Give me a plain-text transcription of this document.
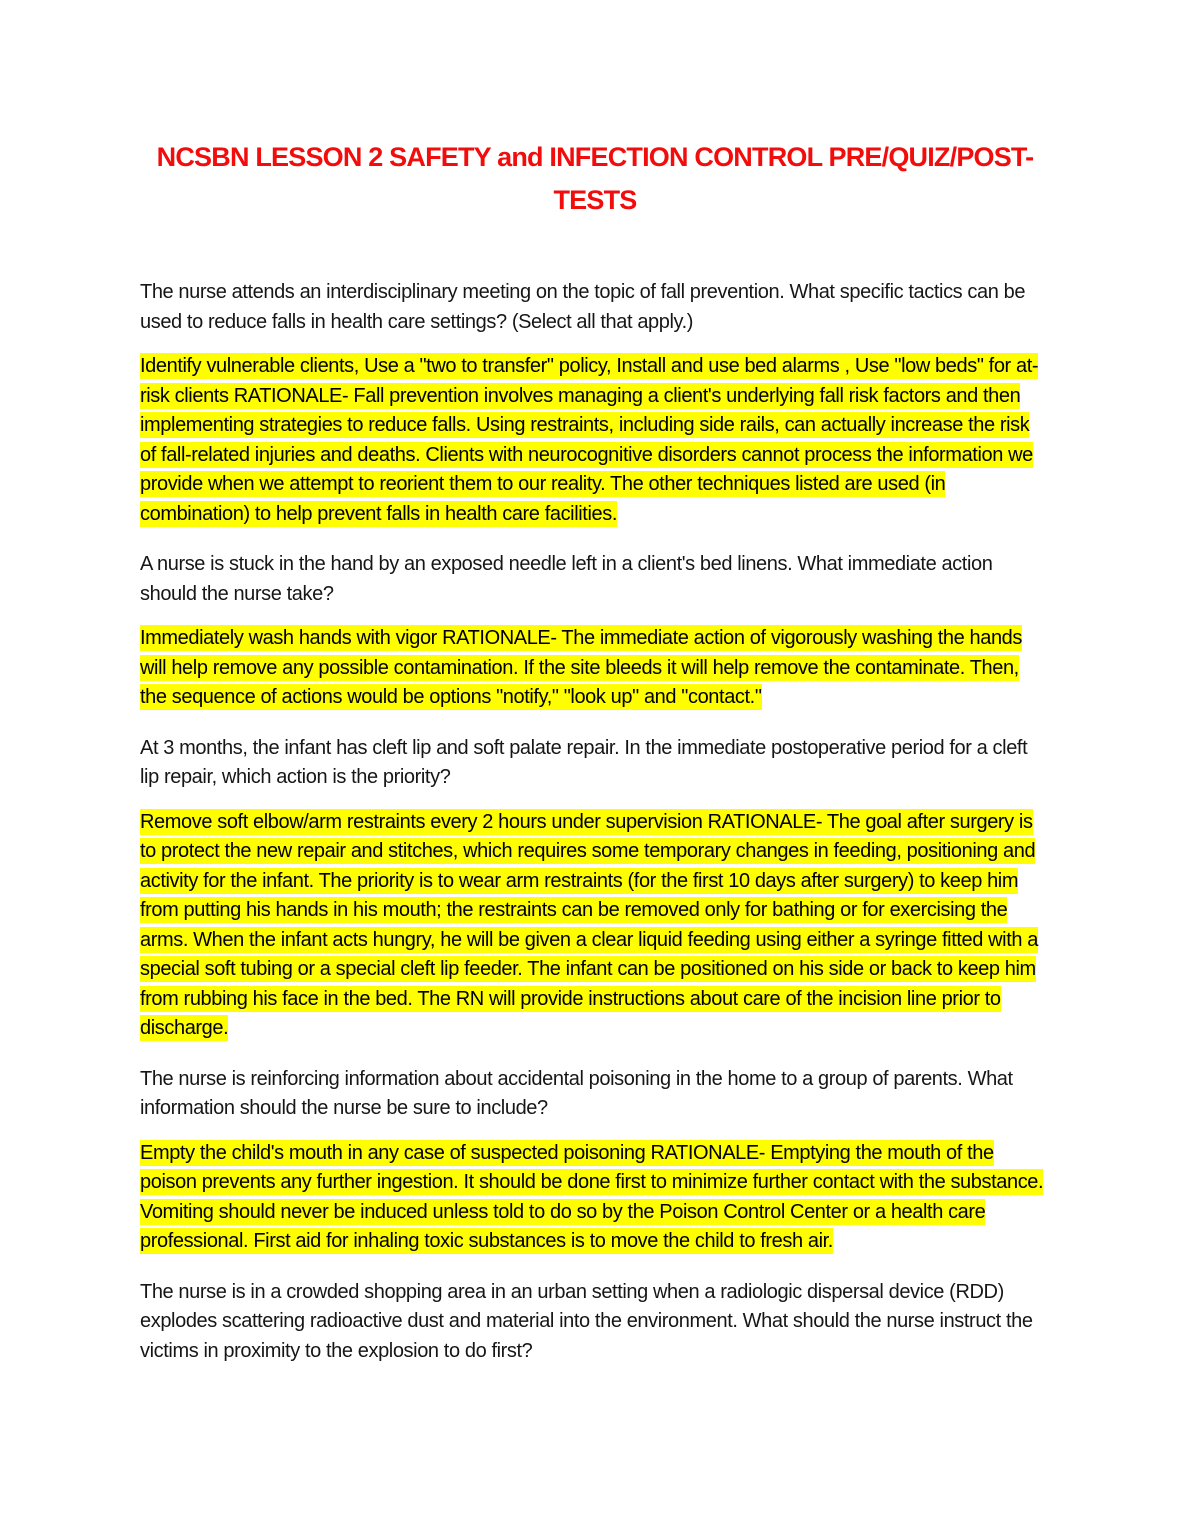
NCSBN LESSON 2 SAFETY and INFECTION CONTROL PRE/QUIZ/POST-
TESTS

The nurse attends an interdisciplinary meeting on the topic of fall prevention. What specific tactics can be used to reduce falls in health care settings? (Select all that apply.)

Identify vulnerable clients, Use a "two to transfer" policy, Install and use bed alarms , Use "low beds" for at-risk clients RATIONALE- Fall prevention involves managing a client's underlying fall risk factors and then implementing strategies to reduce falls. Using restraints, including side rails, can actually increase the risk of fall-related injuries and deaths. Clients with neurocognitive disorders cannot process the information we provide when we attempt to reorient them to our reality. The other techniques listed are used (in combination) to help prevent falls in health care facilities.

A nurse is stuck in the hand by an exposed needle left in a client's bed linens. What immediate action should the nurse take?

Immediately wash hands with vigor RATIONALE- The immediate action of vigorously washing the hands will help remove any possible contamination. If the site bleeds it will help remove the contaminate. Then, the sequence of actions would be options "notify," "look up" and "contact."

At 3 months, the infant has cleft lip and soft palate repair. In the immediate postoperative period for a cleft lip repair, which action is the priority?

Remove soft elbow/arm restraints every 2 hours under supervision RATIONALE- The goal after surgery is to protect the new repair and stitches, which requires some temporary changes in feeding, positioning and activity for the infant. The priority is to wear arm restraints (for the first 10 days after surgery) to keep him from putting his hands in his mouth; the restraints can be removed only for bathing or for exercising the arms. When the infant acts hungry, he will be given a clear liquid feeding using either a syringe fitted with a special soft tubing or a special cleft lip feeder. The infant can be positioned on his side or back to keep him from rubbing his face in the bed. The RN will provide instructions about care of the incision line prior to discharge.

The nurse is reinforcing information about accidental poisoning in the home to a group of parents. What information should the nurse be sure to include?

Empty the child's mouth in any case of suspected poisoning RATIONALE- Emptying the mouth of the poison prevents any further ingestion. It should be done first to minimize further contact with the substance. Vomiting should never be induced unless told to do so by the Poison Control Center or a health care professional. First aid for inhaling toxic substances is to move the child to fresh air.

The nurse is in a crowded shopping area in an urban setting when a radiologic dispersal device (RDD) explodes scattering radioactive dust and material into the environment. What should the nurse instruct the victims in proximity to the explosion to do first?
